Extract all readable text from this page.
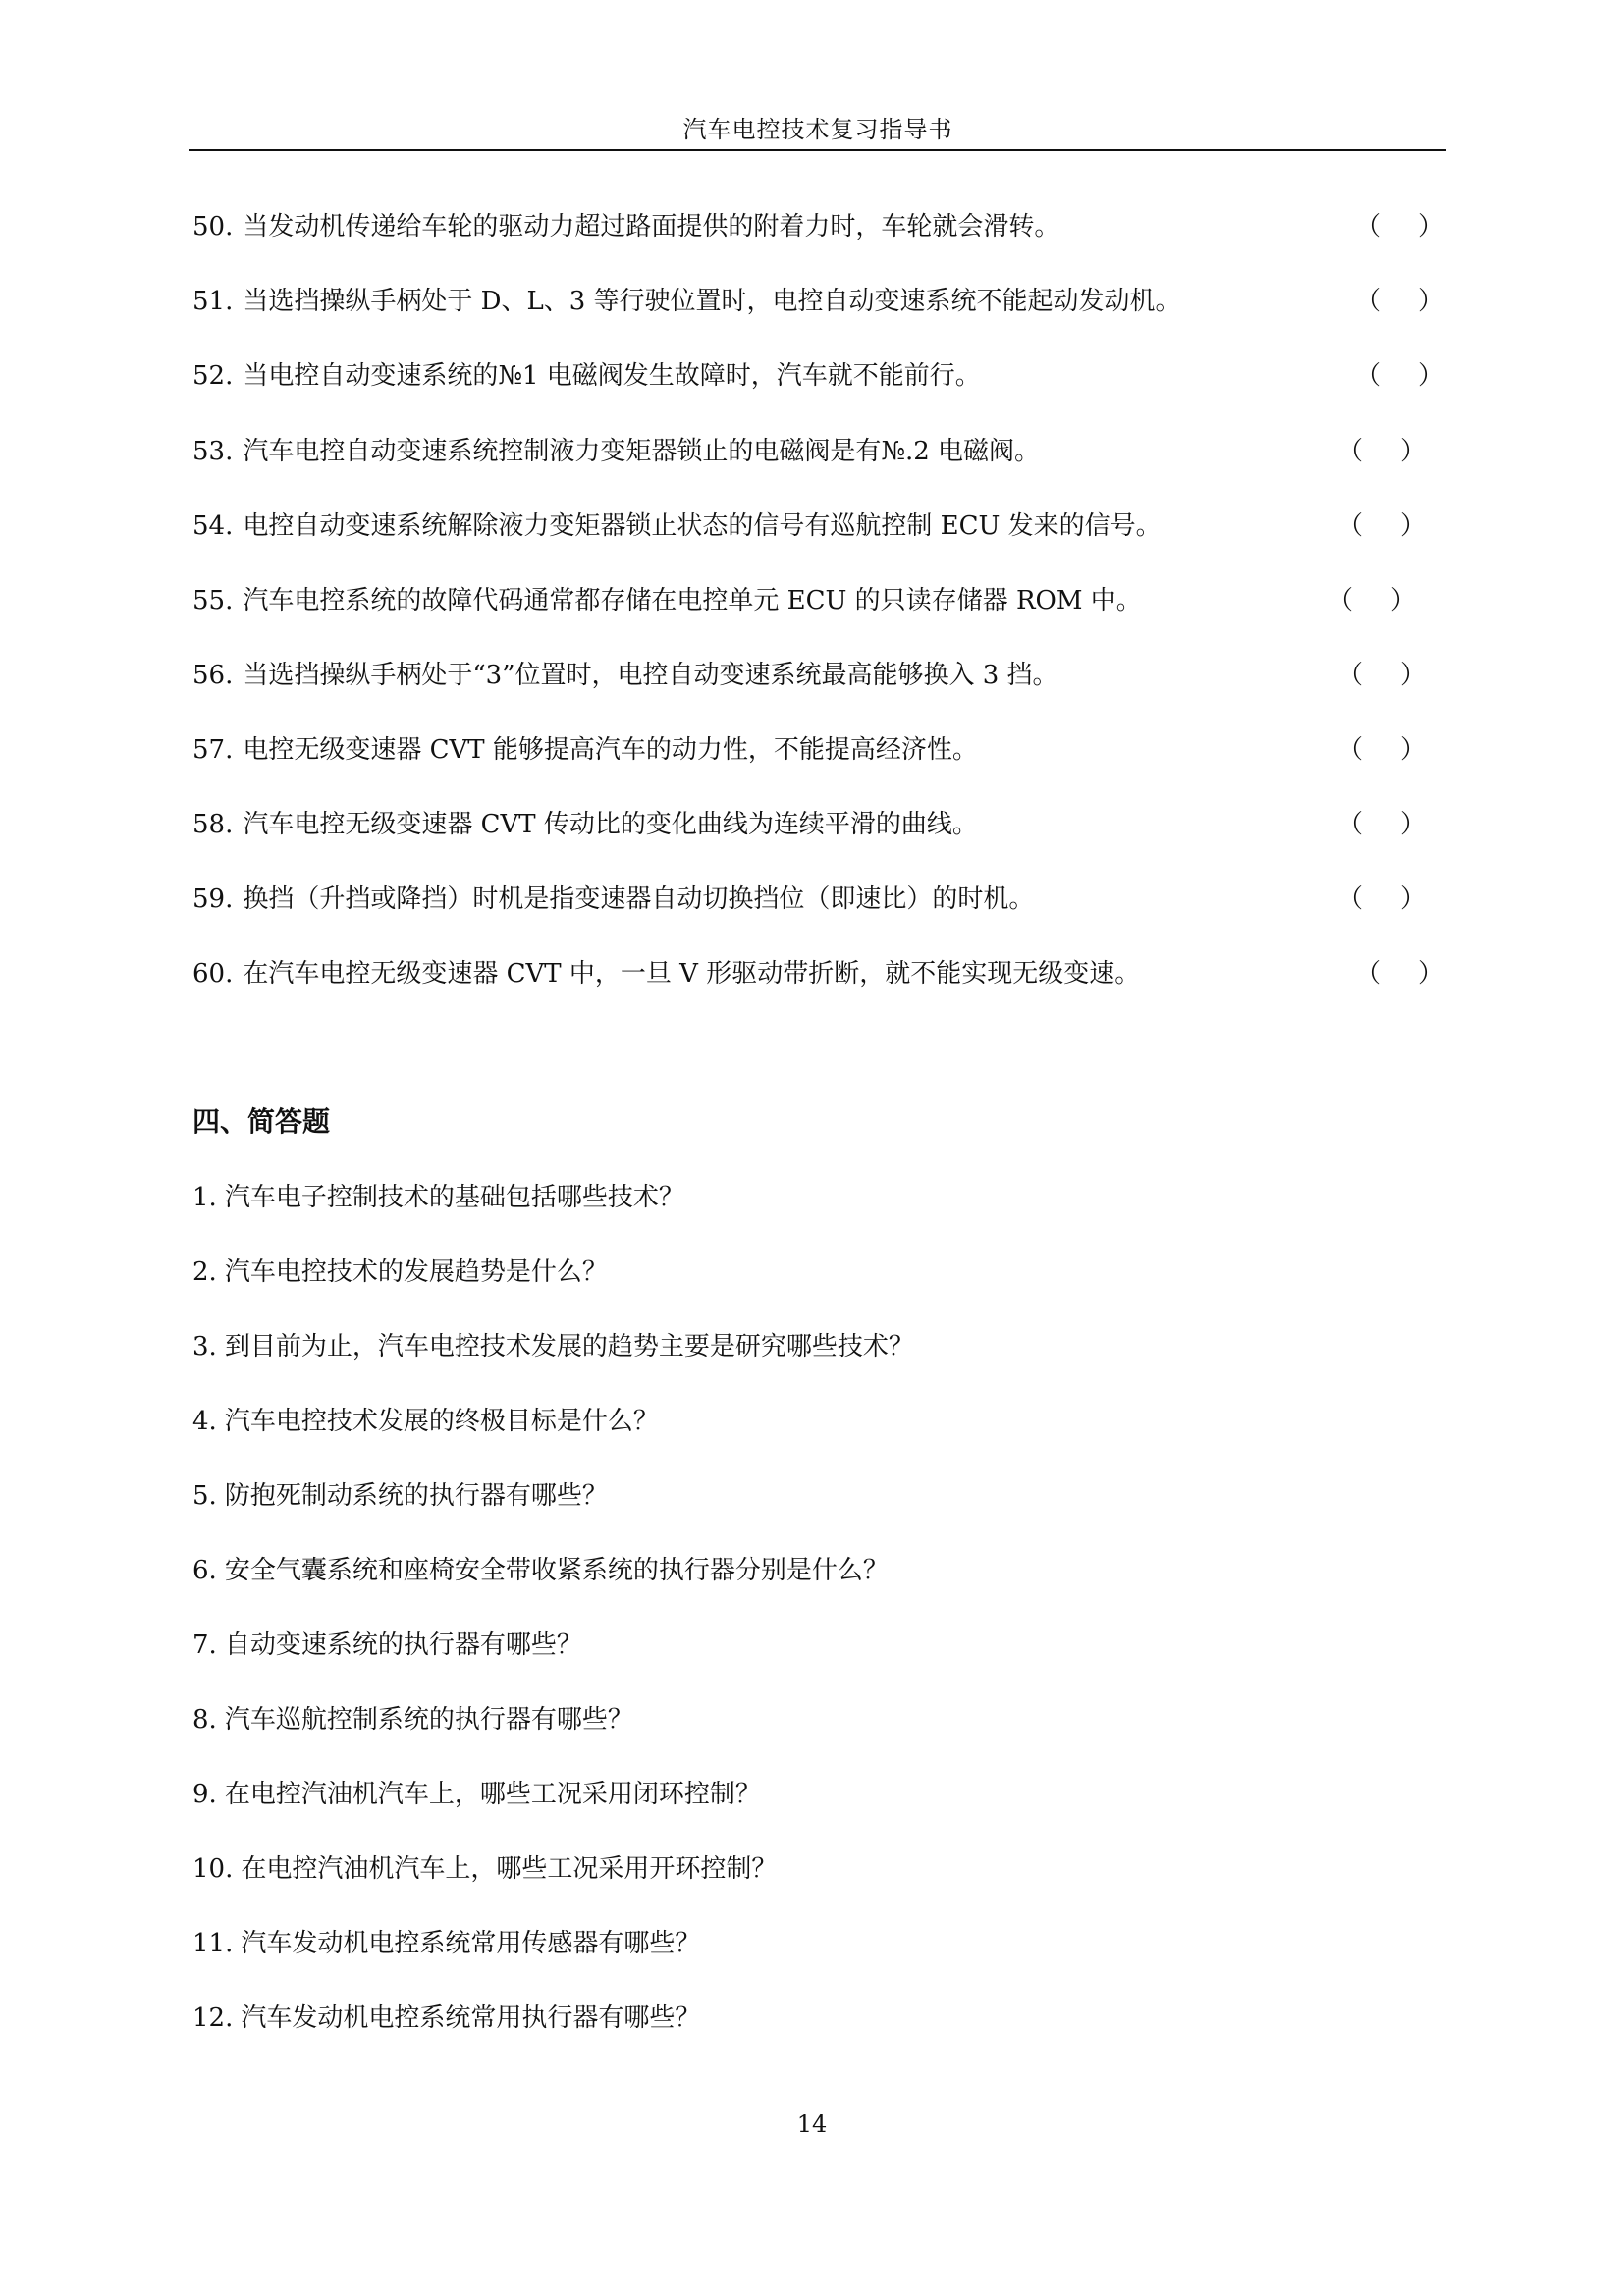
汽车电控技术复习指导书
50. 当发动机传递给车轮的驱动力超过路面提供的附着力时，车轮就会滑转。	（ ）
51. 当选挡操纵手柄处于 D、L、3 等行驶位置时，电控自动变速系统不能起动发动机。	（ ）
52. 当电控自动变速系统的№1 电磁阀发生故障时，汽车就不能前行。	（ ）
53. 汽车电控自动变速系统控制液力变矩器锁止的电磁阀是有№.2 电磁阀。	（ ）
54. 电控自动变速系统解除液力变矩器锁止状态的信号有巡航控制 ECU 发来的信号。	（ ）
55. 汽车电控系统的故障代码通常都存储在电控单元 ECU 的只读存储器 ROM 中。	（ ）
56. 当选挡操纵手柄处于“3”位置时，电控自动变速系统最高能够换入 3 挡。	（ ）
57. 电控无级变速器 CVT 能够提高汽车的动力性，不能提高经济性。	（ ）
58. 汽车电控无级变速器 CVT 传动比的变化曲线为连续平滑的曲线。	（ ）
59. 换挡（升挡或降挡）时机是指变速器自动切换挡位（即速比）的时机。	（ ）
60. 在汽车电控无级变速器 CVT 中，一旦 V 形驱动带折断，就不能实现无级变速。	（ ）
四、简答题
1. 汽车电子控制技术的基础包括哪些技术？
2. 汽车电控技术的发展趋势是什么？
3. 到目前为止，汽车电控技术发展的趋势主要是研究哪些技术？
4. 汽车电控技术发展的终极目标是什么？
5. 防抱死制动系统的执行器有哪些？
6. 安全气囊系统和座椅安全带收紧系统的执行器分别是什么？
7. 自动变速系统的执行器有哪些？
8. 汽车巡航控制系统的执行器有哪些？
9. 在电控汽油机汽车上，哪些工况采用闭环控制？
10. 在电控汽油机汽车上，哪些工况采用开环控制？
11. 汽车发动机电控系统常用传感器有哪些？
12. 汽车发动机电控系统常用执行器有哪些？
14
